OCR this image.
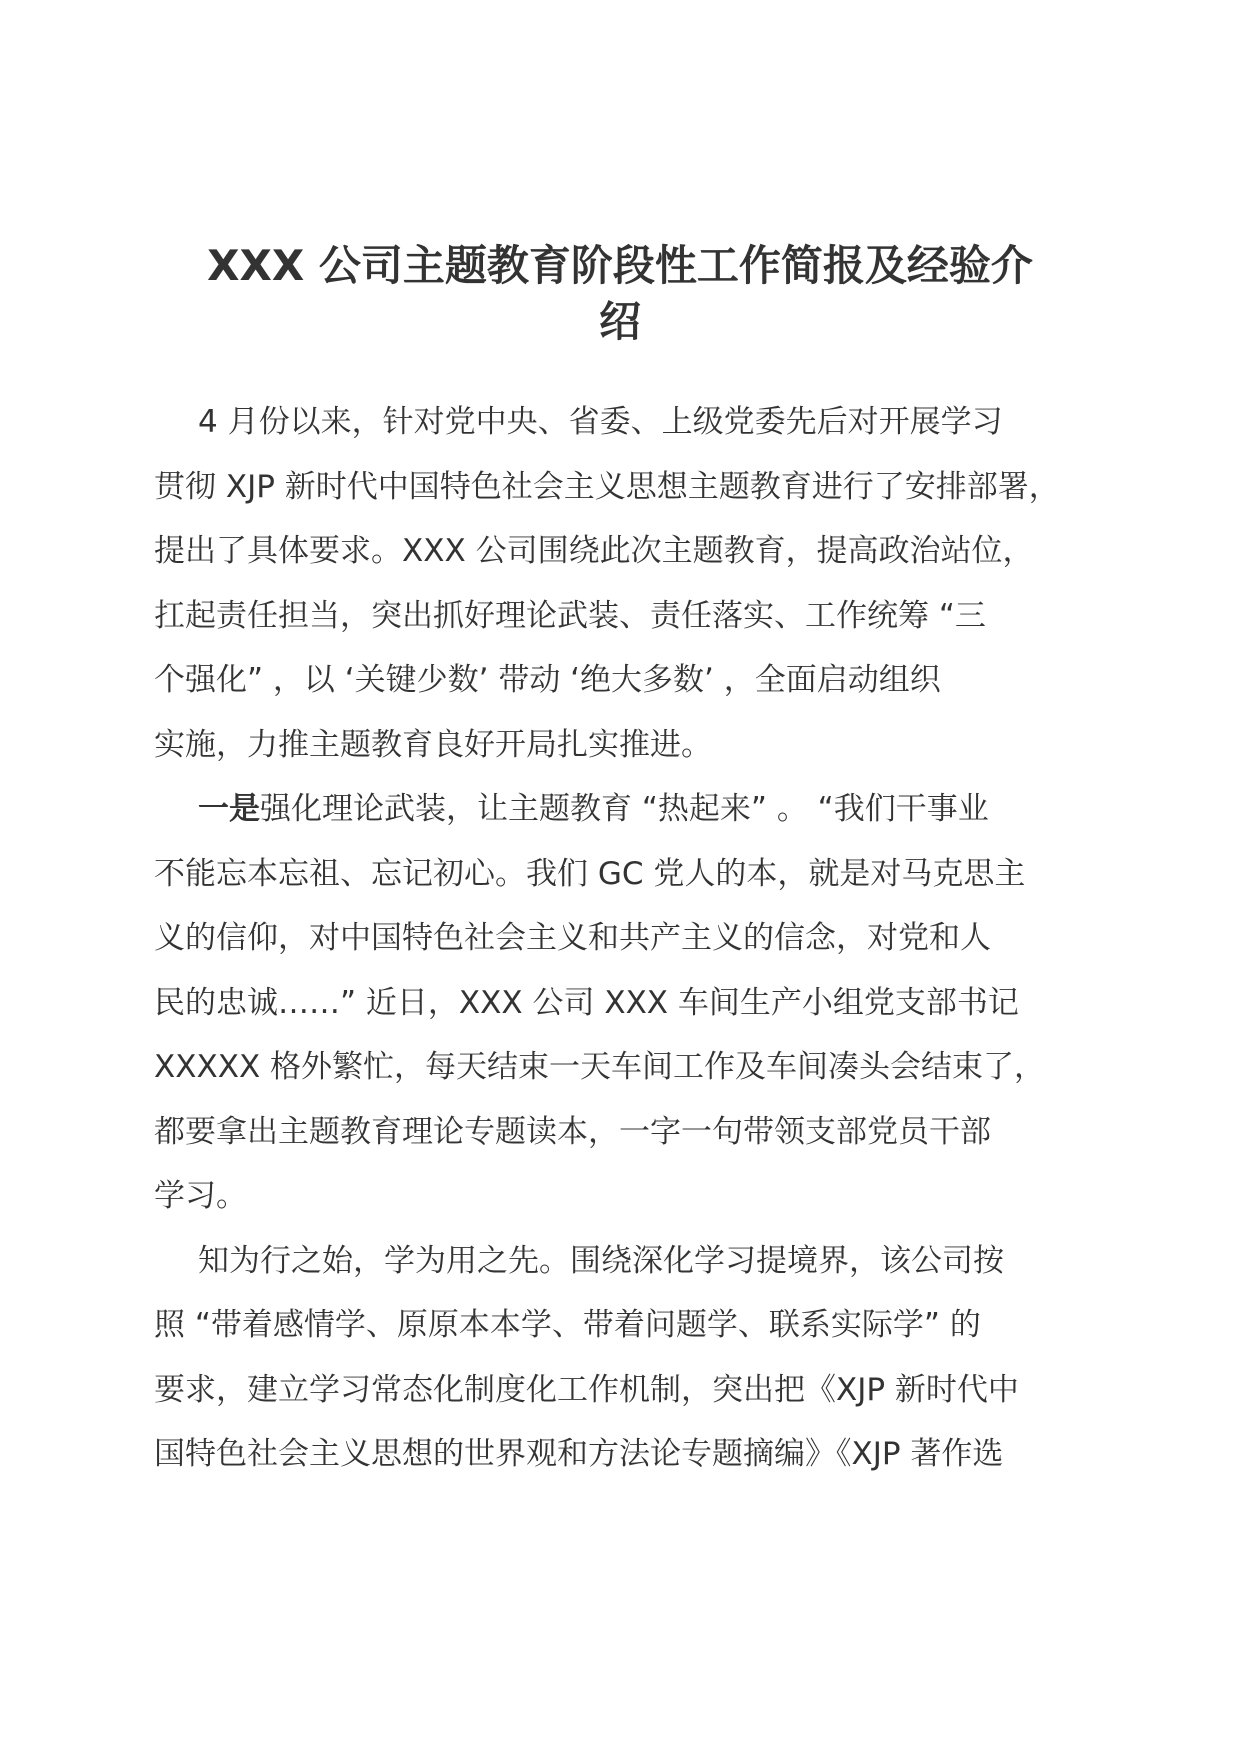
XXX 公司主题教育阶段性工作简报及经验介
绍
4 月份以来，针对党中央、省委、上级党委先后对开展学习
贯彻 XJP 新时代中国特色社会主义思想主题教育进行了安排部署，
提出了具体要求。XXX 公司围绕此次主题教育，提高政治站位，
扛起责任担当，突出抓好理论武装、责任落实、工作统筹 “三
个强化” ，以 ‘关键少数’ 带动 ‘绝大多数’ ，全面启动组织
实施，力推主题教育良好开局扎实推进。
一是强化理论武装，让主题教育 “热起来” 。 “我们干事业
不能忘本忘祖、忘记初心。我们 GC 党人的本，就是对马克思主
义的信仰，对中国特色社会主义和共产主义的信念，对党和人
民的忠诚……” 近日，XXX 公司 XXX 车间生产小组党支部书记
XXXXX 格外繁忙，每天结束一天车间工作及车间凑头会结束了，
都要拿出主题教育理论专题读本，一字一句带领支部党员干部
学习。
知为行之始，学为用之先。围绕深化学习提境界，该公司按
照 “带着感情学、原原本本学、带着问题学、联系实际学” 的
要求，建立学习常态化制度化工作机制，突出把《XJP 新时代中
国特色社会主义思想的世界观和方法论专题摘编》《XJP 著作选
